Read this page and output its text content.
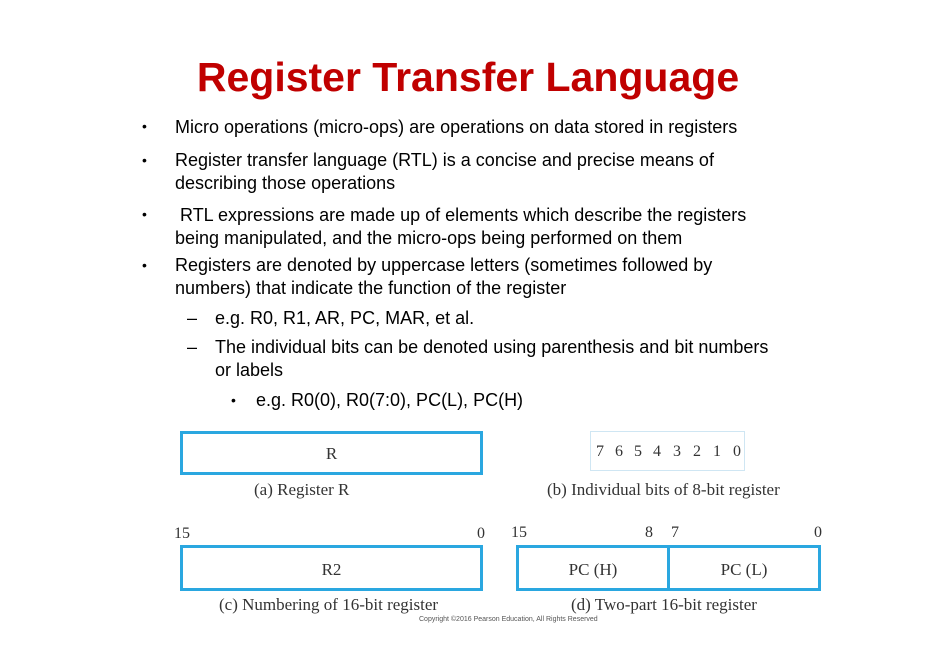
Register Transfer Language
• Micro operations (micro-ops) are operations on data stored in registers
• Register transfer language (RTL) is a concise and precise means of
describing those operations
• RTL expressions are made up of elements which describe the registers
being manipulated, and the micro-ops being performed on them
• Registers are denoted by uppercase letters (sometimes followed by
numbers) that indicate the function of the register
– e.g. R0, R1, AR, PC, MAR, et al.
– The individual bits can be denoted using parenthesis and bit numbers
or labels
• e.g. R0(0), R0(7:0), PC(L), PC(H)
R
(a) Register R
7 6 5 4 3 2 1 0
(b) Individual bits of 8-bit register
15	0
R2
(c) Numbering of 16-bit register
15	8 7	0
PC (H)	PC (L)
(d) Two-part 16-bit register
Copyright ©2016 Pearson Education, All Rights Reserved
